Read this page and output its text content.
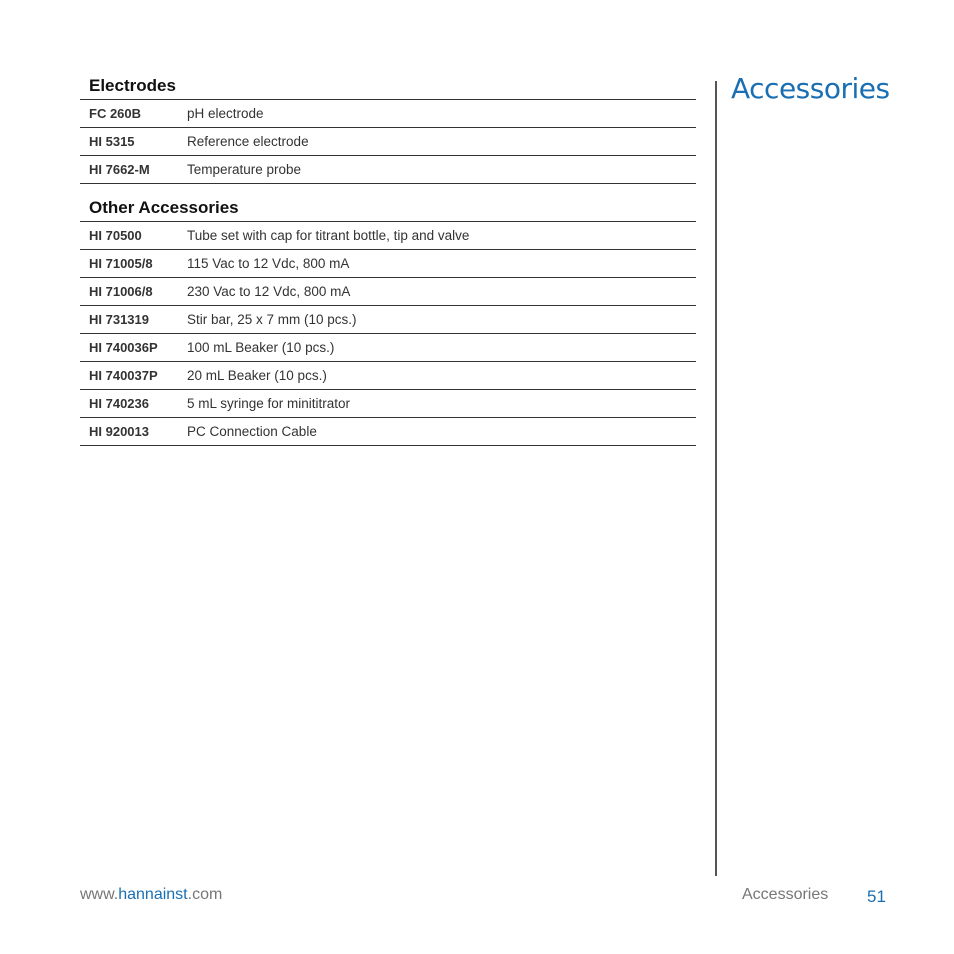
Electrodes
FC 260B	pH electrode
HI 5315	Reference electrode
HI 7662-M	Temperature probe
Other Accessories
HI 70500	Tube set with cap for titrant bottle, tip and valve
HI 71005/8	115 Vac to 12 Vdc, 800 mA
HI 71006/8	230 Vac to 12 Vdc, 800 mA
HI 731319	Stir bar, 25 x 7 mm (10 pcs.)
HI 740036P	100 mL Beaker (10 pcs.)
HI 740037P	20 mL Beaker (10 pcs.)
HI 740236	5 mL syringe for minititrator
HI 920013	PC Connection Cable
Accessories
www.hannainst.com	Accessories 51
